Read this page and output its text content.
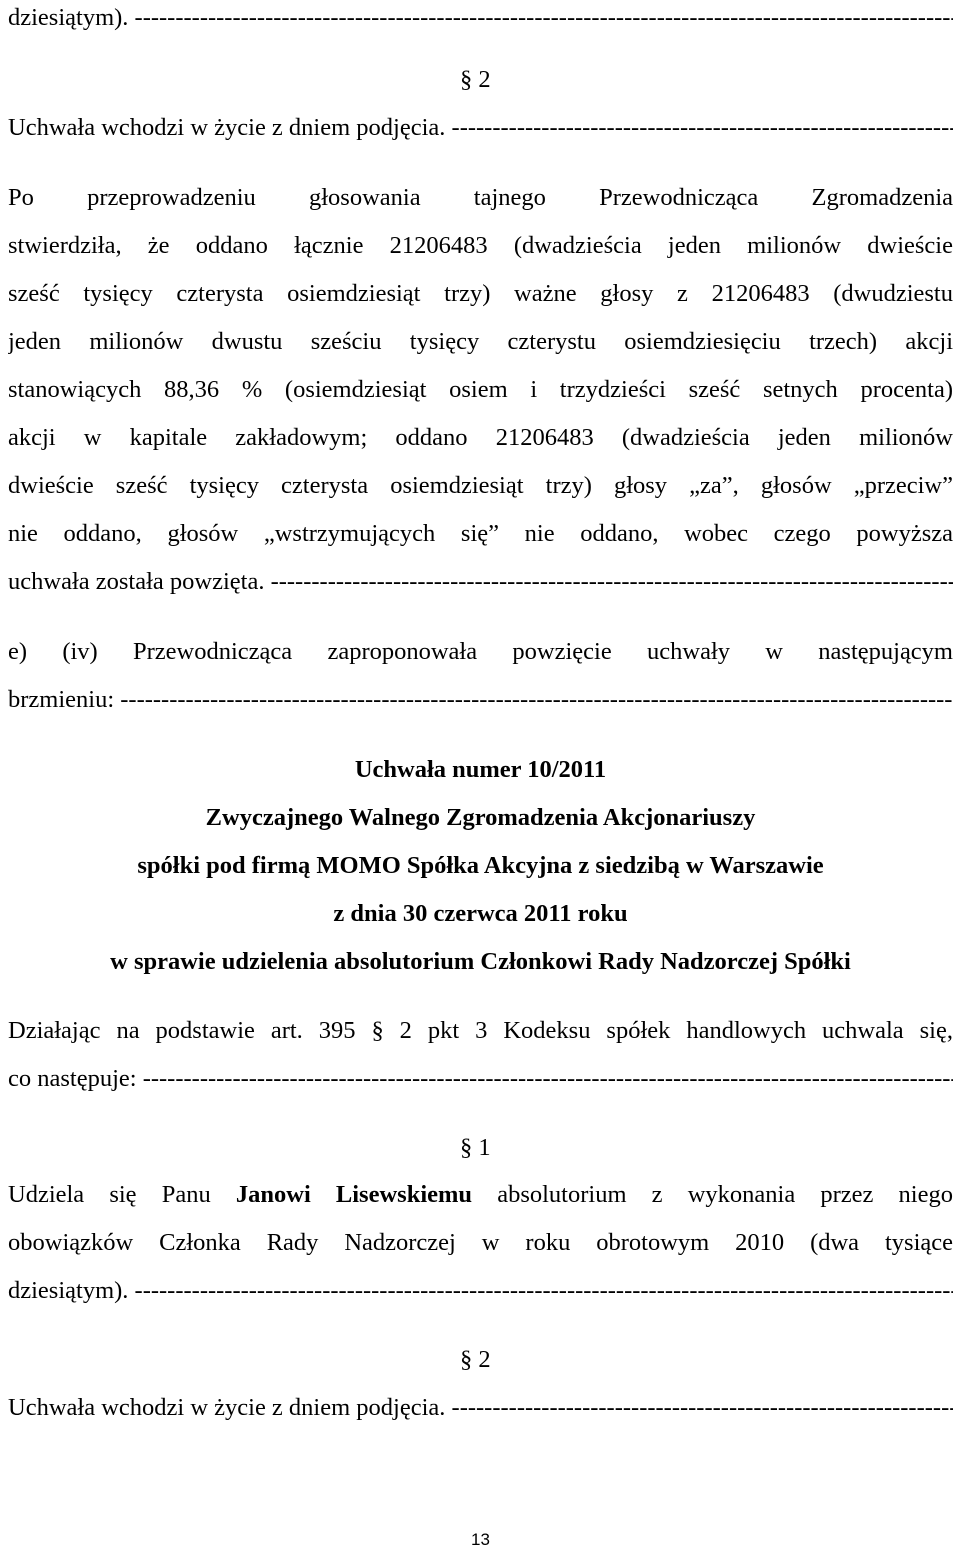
dziesiątym). -----
§ 2
Uchwała wchodzi w życie z dniem podjęcia. -----
Po przeprowadzeniu głosowania tajnego Przewodnicząca Zgromadzenia
stwierdziła, że oddano łącznie 21206483 (dwadzieścia jeden milionów dwieście
sześć tysięcy czterysta osiemdziesiąt trzy) ważne głosy z 21206483 (dwudziestu
jeden milionów dwustu sześciu tysięcy czterystu osiemdziesięciu trzech) akcji
stanowiących 88,36 % (osiemdziesiąt osiem i trzydzieści sześć setnych procenta)
akcji w kapitale zakładowym; oddano 21206483 (dwadzieścia jeden milionów
dwieście sześć tysięcy czterysta osiemdziesiąt trzy) głosy „za”, głosów „przeciw”
nie oddano, głosów „wstrzymujących się” nie oddano, wobec czego powyższa
uchwała została powzięta. -----
e) (iv) Przewodnicząca zaproponowała powzięcie uchwały w następującym
brzmieniu: -----
Uchwała numer 10/2011
Zwyczajnego Walnego Zgromadzenia Akcjonariuszy
spółki pod firmą MOMO Spółka Akcyjna z siedzibą w Warszawie
z dnia 30 czerwca 2011 roku
w sprawie udzielenia absolutorium Członkowi Rady Nadzorczej Spółki
Działając na podstawie art. 395 § 2 pkt 3 Kodeksu spółek handlowych uchwala się,
co następuje: -----
§ 1
Udziela się Panu Janowi Lisewskiemu absolutorium z wykonania przez niego
obowiązków Członka Rady Nadzorczej w roku obrotowym 2010 (dwa tysiące
dziesiątym). -----
§ 2
Uchwała wchodzi w życie z dniem podjęcia. -----
13
